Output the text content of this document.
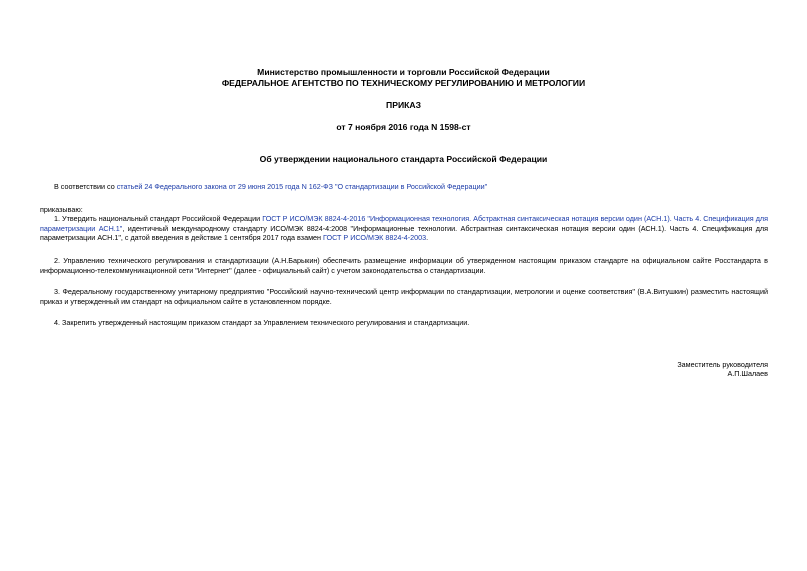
Министерство промышленности и торговли Российской Федерации
ФЕДЕРАЛЬНОЕ АГЕНТСТВО ПО ТЕХНИЧЕСКОМУ РЕГУЛИРОВАНИЮ И МЕТРОЛОГИИ
ПРИКАЗ
от 7 ноября 2016 года N 1598-ст
Об утверждении национального стандарта Российской Федерации
В соответствии со статьей 24 Федерального закона от 29 июня 2015 года N 162-ФЗ "О стандартизации в Российской Федерации"
приказываю:
1. Утвердить национальный стандарт Российской Федерации ГОСТ Р ИСО/МЭК 8824-4-2016 "Информационная технология. Абстрактная синтаксическая нотация версии один (АСН.1). Часть 4. Спецификация для параметризации АСН.1", идентичный международному стандарту ИСО/МЭК 8824-4:2008 "Информационные технологии. Абстрактная синтаксическая нотация версии один (АСН.1). Часть 4. Спецификация для параметризации АСН.1", с датой введения в действие 1 сентября 2017 года взамен ГОСТ Р ИСО/МЭК 8824-4-2003.
2. Управлению технического регулирования и стандартизации (А.Н.Барыкин) обеспечить размещение информации об утвержденном настоящим приказом стандарте на официальном сайте Росстандарта в информационно-телекоммуникационной сети "Интернет" (далее - официальный сайт) с учетом законодательства о стандартизации.
3. Федеральному государственному унитарному предприятию "Российский научно-технический центр информации по стандартизации, метрологии и оценке соответствия" (В.А.Витушкин) разместить настоящий приказ и утвержденный им стандарт на официальном сайте в установленном порядке.
4. Закрепить утвержденный настоящим приказом стандарт за Управлением технического регулирования и стандартизации.
Заместитель руководителя
А.П.Шалаев
